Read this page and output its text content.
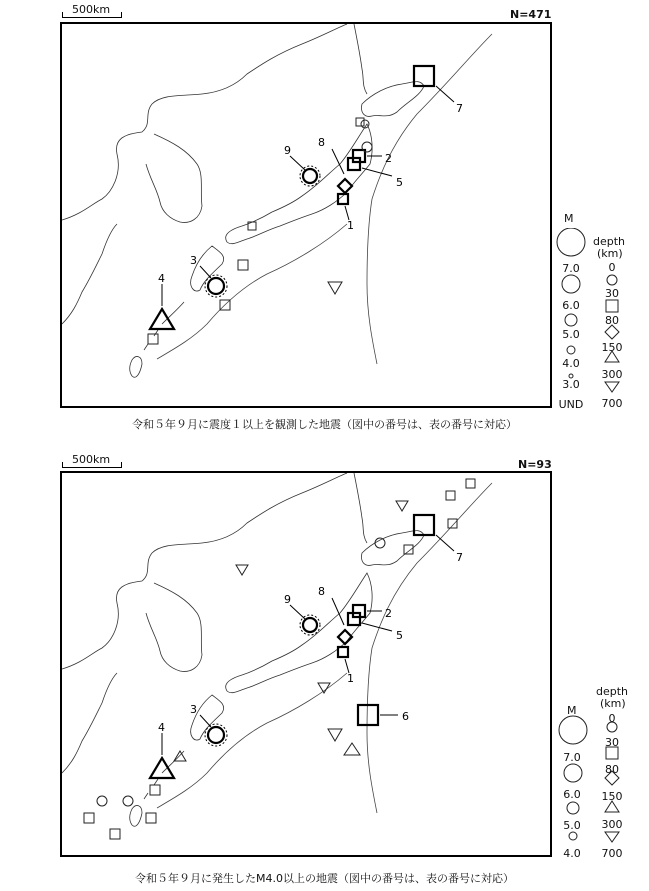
500km	N=471
7
2
5
8
1
9
3
4
M
depth
(km)
7.0
6.0
5.0
4.0
3.0
UND
0
30
80
150
300
700
令和５年９月に震度１以上を観測した地震（図中の番号は、表の番号に対応）
500km	N=93
7
2
5
8
1
6
9
3
4
depth
(km)
M
7.0
6.0
5.0
4.0
0
30
80
150
300
700
令和５年９月に発生したM4.0以上の地震（図中の番号は、表の番号に対応）
